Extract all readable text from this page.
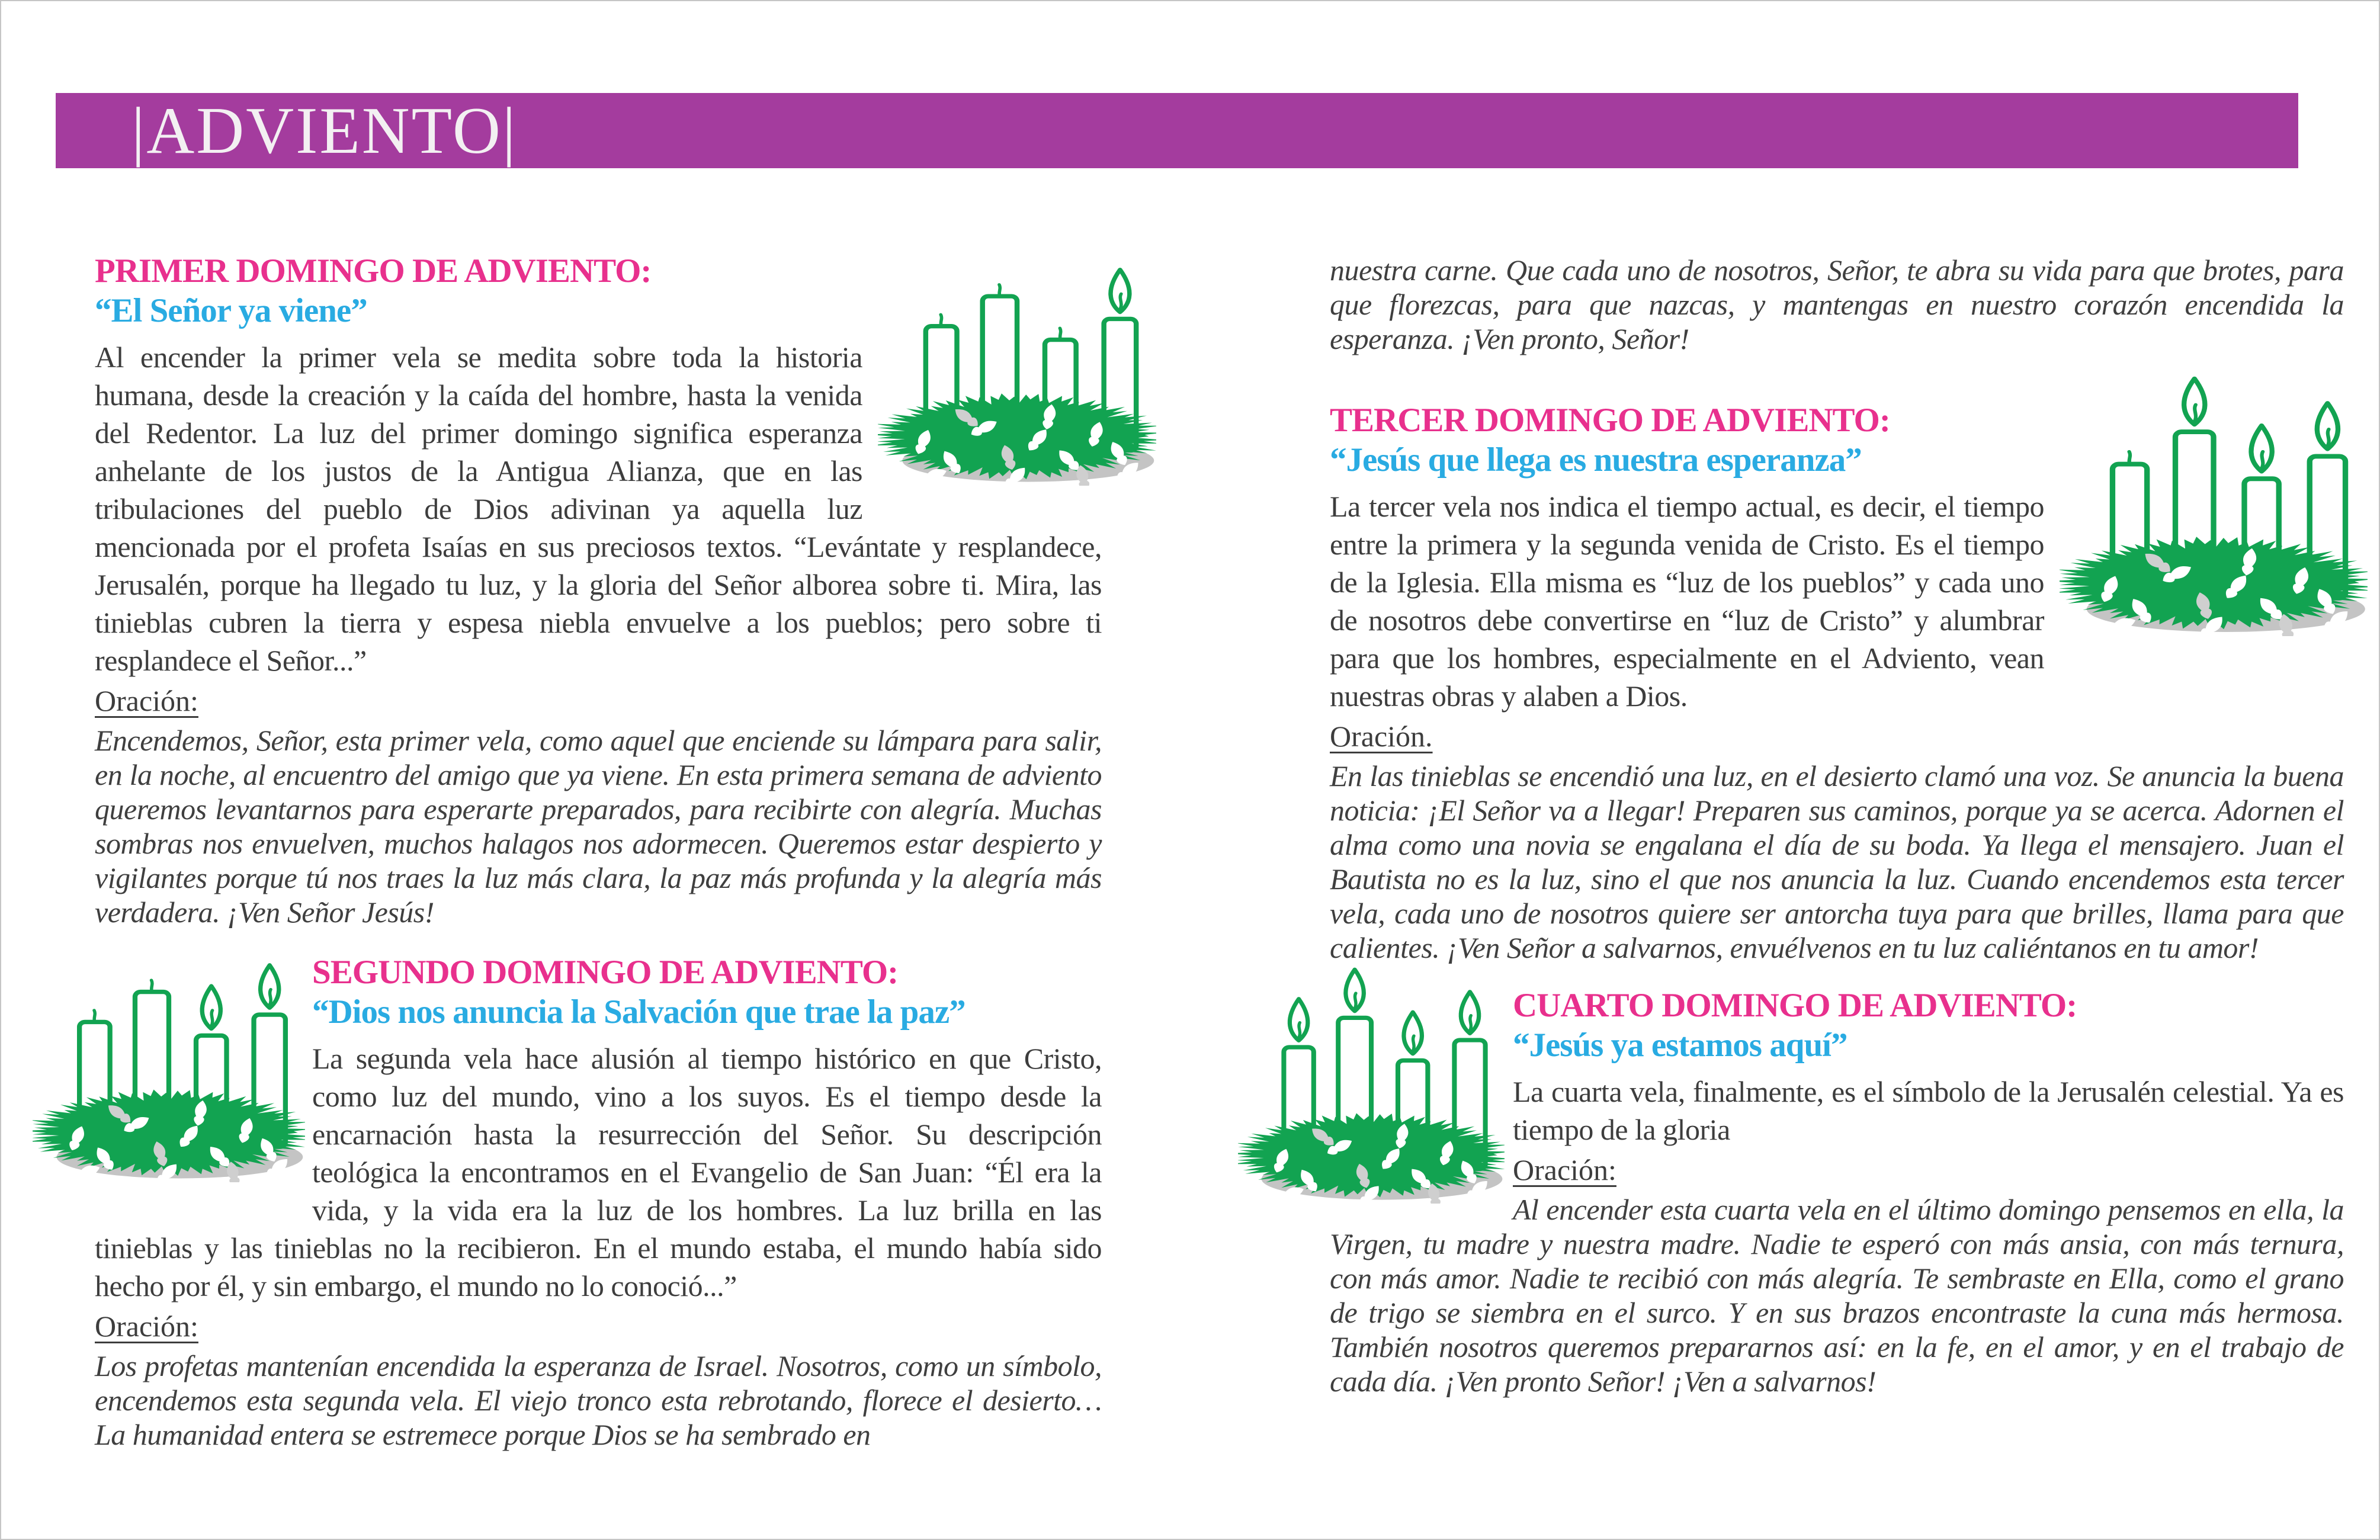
|ADVIENTO|
PRIMER DOMINGO DE ADVIENTO:
“El Señor ya viene”

Al encender la primer vela se medita sobre toda la historia humana, desde la creación y la caída del hombre, hasta la venida del Redentor. La luz del primer domingo significa esperanza anhelante de los justos de la Antigua Alianza, que en las tribulaciones del pueblo de Dios adivinan ya aquella luz mencionada por el profeta Isaías en sus preciosos textos. “Levántate y resplandece, Jerusalén, porque ha llegado tu luz, y la gloria del Señor alborea sobre ti. Mira, las tinieblas cubren la tierra y espesa niebla envuelve a los pueblos; pero sobre ti resplandece el Señor...”

Oración:

Encendemos, Señor, esta primer vela, como aquel que enciende su lámpara para salir, en la noche, al encuentro del amigo que ya viene. En esta primera semana de adviento queremos levantarnos para esperarte preparados, para recibirte con alegría. Muchas sombras nos envuelven, muchos halagos nos adormecen. Queremos estar despierto y vigilantes porque tú nos traes la luz más clara, la paz más profunda y la alegría más verdadera. ¡Ven Señor Jesús!

SEGUNDO DOMINGO DE ADVIENTO:
“Dios nos anuncia la Salvación que trae la paz”

La segunda vela hace alusión al tiempo histórico en que Cristo, como luz del mundo, vino a los suyos. Es el tiempo desde la encarnación hasta la resurrección del Señor. Su descripción teológica la encontramos en el Evangelio de San Juan: “Él era la vida, y la vida era la luz de los hombres. La luz brilla en las tinieblas y las tinieblas no la recibieron. En el mundo estaba, el mundo había sido hecho por él, y sin embargo, el mundo no lo conoció...”

Oración:

Los profetas mantenían encendida la esperanza de Israel. Nosotros, como un símbolo, encendemos esta segunda vela. El viejo tronco esta rebrotando, florece el desierto… La humanidad entera se estremece porque Dios se ha sembrado en

nuestra carne. Que cada uno de nosotros, Señor, te abra su vida para que brotes, para que florezcas, para que nazcas, y mantengas en nuestro corazón encendida la esperanza. ¡Ven pronto, Señor!

TERCER DOMINGO DE ADVIENTO:
“Jesús que llega es nuestra esperanza”

La tercer vela nos indica el tiempo actual, es decir, el tiempo entre la primera y la segunda venida de Cristo. Es el tiempo de la Iglesia. Ella misma es “luz de los pueblos” y cada uno de nosotros debe convertirse en “luz de Cristo” y alumbrar para que los hombres, especialmente en el Adviento, vean nuestras obras y alaben a Dios.

Oración.

En las tinieblas se encendió una luz, en el desierto clamó una voz. Se anuncia la buena noticia: ¡El Señor va a llegar! Preparen sus caminos, porque ya se acerca. Adornen el alma como una novia se engalana el día de su boda. Ya llega el mensajero. Juan el Bautista no es la luz, sino el que nos anuncia la luz. Cuando encendemos esta tercer vela, cada uno de nosotros quiere ser antorcha tuya para que brilles, llama para que calientes. ¡Ven Señor a salvarnos, envuélvenos en tu luz caliéntanos en tu amor!

CUARTO DOMINGO DE ADVIENTO:
“Jesús ya estamos aquí”

La cuarta vela, finalmente, es el símbolo de la Jerusalén celestial. Ya es tiempo de la gloria

Oración:

Al encender esta cuarta vela en el último domingo pensemos en ella, la Virgen, tu madre y nuestra madre. Nadie te esperó con más ansia, con más ternura, con más amor. Nadie te recibió con más alegría. Te sembraste en Ella, como el grano de trigo se siembra en el surco. Y en sus brazos encontraste la cuna más hermosa. También nosotros queremos prepararnos así: en la fe, en el amor, y en el trabajo de cada día. ¡Ven pronto Señor! ¡Ven a salvarnos!
